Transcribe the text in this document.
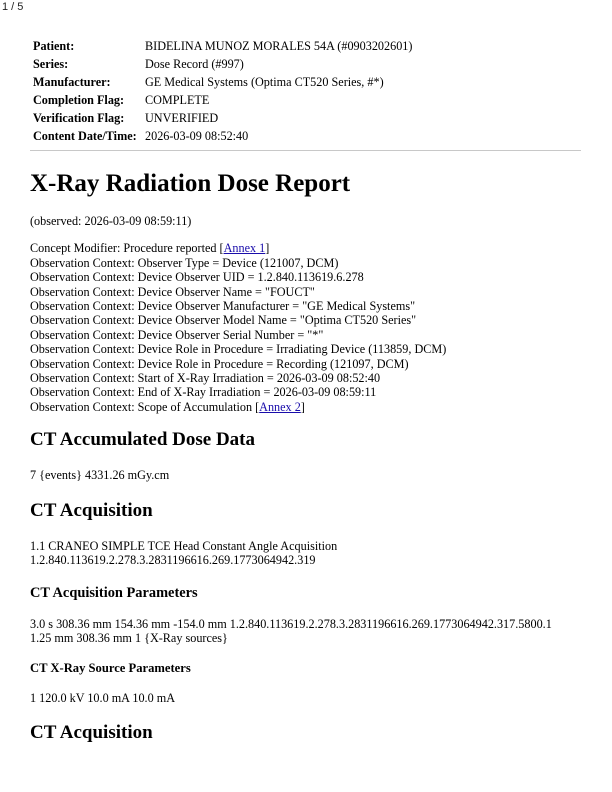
1 / 5
Patient:	BIDELINA MUNOZ MORALES 54A (#0903202601)
Series:	Dose Record (#997)
Manufacturer:	GE Medical Systems (Optima CT520 Series, #*)
Completion Flag:	COMPLETE
Verification Flag:	UNVERIFIED
Content Date/Time:	2026-03-09 08:52:40
X-Ray Radiation Dose Report
(observed: 2026-03-09 08:59:11)
Concept Modifier: Procedure reported [Annex 1]
Observation Context: Observer Type = Device (121007, DCM)
Observation Context: Device Observer UID = 1.2.840.113619.6.278
Observation Context: Device Observer Name = "FOUCT"
Observation Context: Device Observer Manufacturer = "GE Medical Systems"
Observation Context: Device Observer Model Name = "Optima CT520 Series"
Observation Context: Device Observer Serial Number = "*"
Observation Context: Device Role in Procedure = Irradiating Device (113859, DCM)
Observation Context: Device Role in Procedure = Recording (121097, DCM)
Observation Context: Start of X-Ray Irradiation = 2026-03-09 08:52:40
Observation Context: End of X-Ray Irradiation = 2026-03-09 08:59:11
Observation Context: Scope of Accumulation [Annex 2]
CT Accumulated Dose Data
7 {events} 4331.26 mGy.cm
CT Acquisition
1.1 CRANEO SIMPLE TCE Head Constant Angle Acquisition
1.2.840.113619.2.278.3.2831196616.269.1773064942.319
CT Acquisition Parameters
3.0 s 308.36 mm 154.36 mm -154.0 mm 1.2.840.113619.2.278.3.2831196616.269.1773064942.317.5800.1
1.25 mm 308.36 mm 1 {X-Ray sources}
CT X-Ray Source Parameters
1 120.0 kV 10.0 mA 10.0 mA
CT Acquisition
